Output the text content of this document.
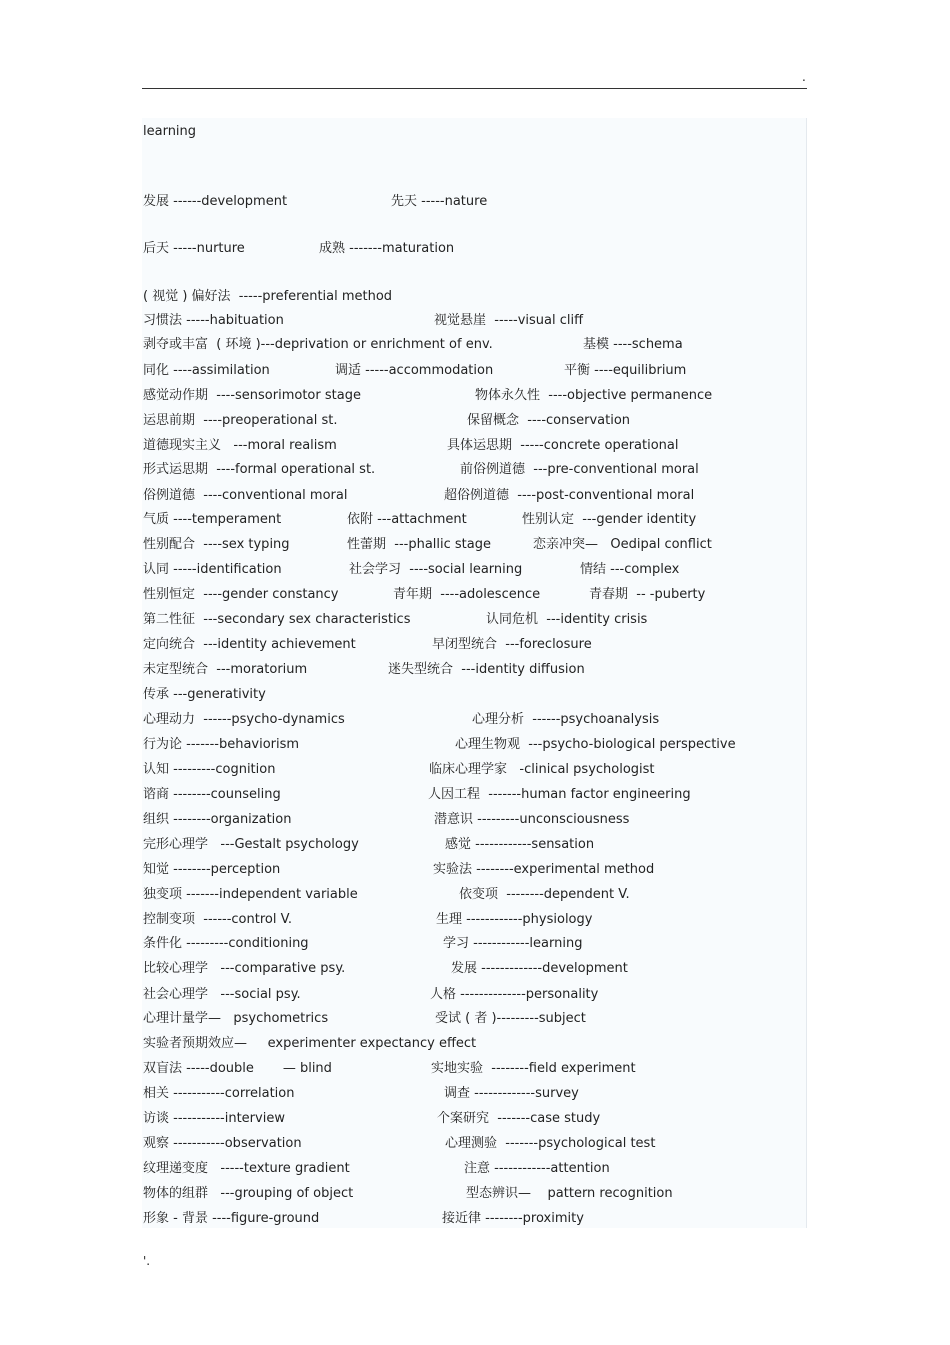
.
learning
发展 ------development	先天 -----nature
后天 -----nurture	成熟 -------maturation
( 视觉 ) 偏好法  -----preferential method
习惯法 -----habituation	视觉悬崖  -----visual cliff
剥夺或丰富  ( 环境 )---deprivation or enrichment of env.	基模 ----schema
同化 ----assimilation	调适 -----accommodation	平衡 ----equilibrium
感觉动作期  ----sensorimotor stage	物体永久性  ----objective permanence
运思前期  ----preoperational st.	保留概念  ----conservation
道德现实主义   ---moral realism	具体运思期  -----concrete operational
形式运思期  ----formal operational st.	前俗例道德  ---pre-conventional moral
俗例道德  ----conventional moral	超俗例道德  ----post-conventional moral
气质 ----temperament	依附 ---attachment	性别认定  ---gender identity
性别配合  ----sex typing	性蕾期  ---phallic stage	恋亲冲突—   Oedipal conflict
认同 -----identification	社会学习  ----social learning	情结 ---complex
性别恒定  ----gender constancy	青年期  ----adolescence	青春期  -- -puberty
第二性征  ---secondary sex characteristics	认同危机  ---identity crisis
定向统合  ---identity achievement	早闭型统合  ---foreclosure
未定型统合  ---moratorium	迷失型统合  ---identity diffusion
传承 ---generativity
心理动力  ------psycho-dynamics	心理分析  ------psychoanalysis
行为论 -------behaviorism	心理生物观  ---psycho-biological perspective
认知 ---------cognition	临床心理学家   -clinical psychologist
谘商 --------counseling	人因工程  -------human factor engineering
组织 --------organization	潜意识 ---------unconsciousness
完形心理学   ---Gestalt psychology	感觉 ------------sensation
知觉 --------perception	实验法 --------experimental method
独变项 -------independent variable	依变项  --------dependent V.
控制变项  ------control V.	生理 ------------physiology
条件化 ---------conditioning	学习 ------------learning
比较心理学   ---comparative psy.	发展 -------------development
社会心理学   ---social psy.	人格 --------------personality
心理计量学—   psychometrics	受试 ( 者 )---------subject
实验者预期效应—     experimenter expectancy effect
双盲法 -----double       — blind	实地实验  --------field experiment
相关 -----------correlation	调查 -------------survey
访谈 -----------interview	个案研究  -------case study
观察 -----------observation	心理测验  -------psychological test
纹理递变度   -----texture gradient	注意 ------------attention
物体的组群   ---grouping of object	型态辨识—    pattern recognition
形象 - 背景 ----figure-ground	接近律 --------proximity
'.
